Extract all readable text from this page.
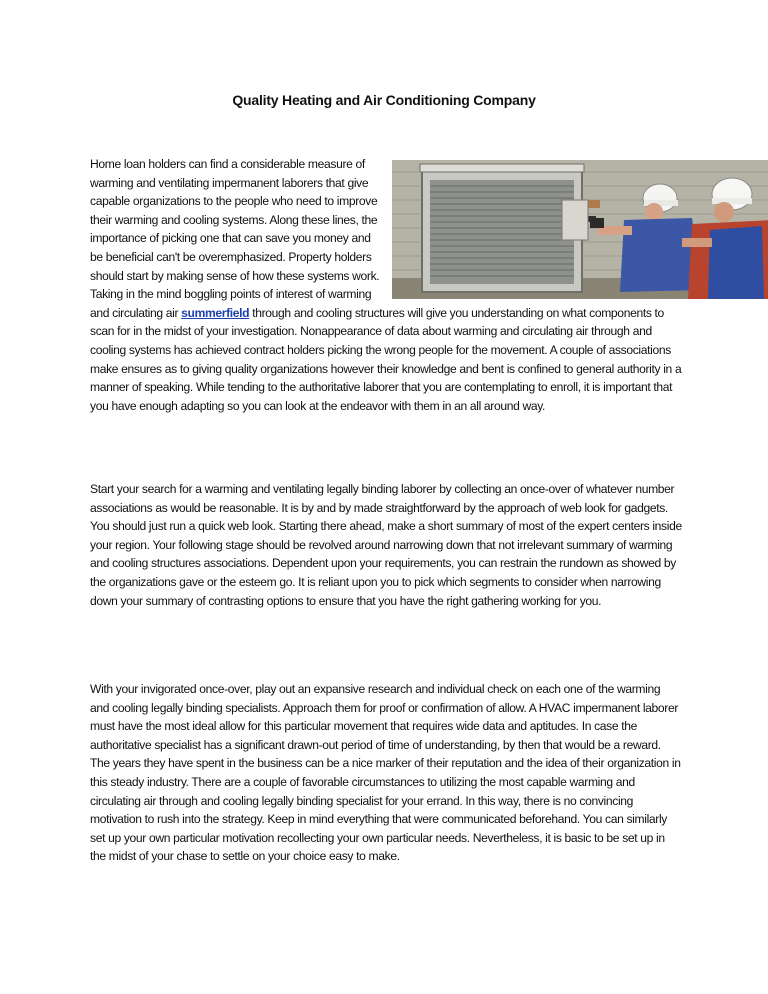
Quality Heating and Air Conditioning Company

Home loan holders can find a considerable measure of warming and ventilating impermanent laborers that give capable organizations to the people who need to improve their warming and cooling systems. Along these lines, the importance of picking one that can save you money and be beneficial can't be overemphasized. Property holders should start by making sense of how these systems work. Taking in the mind boggling points of interest of warming and circulating air summerfield through and cooling structures will give you understanding on what components to scan for in the midst of your investigation. Nonappearance of data about warming and circulating air through and cooling systems has achieved contract holders picking the wrong people for the movement. A couple of associations make ensures as to giving quality organizations however their knowledge and bent is confined to general authority in a manner of speaking. While tending to the authoritative laborer that you are contemplating to enroll, it is important that you have enough adapting so you can look at the endeavor with them in an all around way.

Start your search for a warming and ventilating legally binding laborer by collecting an once-over of whatever number associations as would be reasonable. It is by and by made straightforward by the approach of web look for gadgets. You should just run a quick web look. Starting there ahead, make a short summary of most of the expert centers inside your region. Your following stage should be revolved around narrowing down that not irrelevant summary of warming and cooling structures associations. Dependent upon your requirements, you can restrain the rundown as showed by the organizations gave or the esteem go. It is reliant upon you to pick which segments to consider when narrowing down your summary of contrasting options to ensure that you have the right gathering working for you.

With your invigorated once-over, play out an expansive research and individual check on each one of the warming and cooling legally binding specialists. Approach them for proof or confirmation of allow. A HVAC impermanent laborer must have the most ideal allow for this particular movement that requires wide data and aptitudes. In case the authoritative specialist has a significant drawn-out period of time of understanding, by then that would be a reward. The years they have spent in the business can be a nice marker of their reputation and the idea of their organization in this steady industry. There are a couple of favorable circumstances to utilizing the most capable warming and circulating air through and cooling legally binding specialist for your errand. In this way, there is no convincing motivation to rush into the strategy. Keep in mind everything that were communicated beforehand. You can similarly set up your own particular motivation recollecting your own particular needs. Nevertheless, it is basic to be set up in the midst of your chase to settle on your choice easy to make.
